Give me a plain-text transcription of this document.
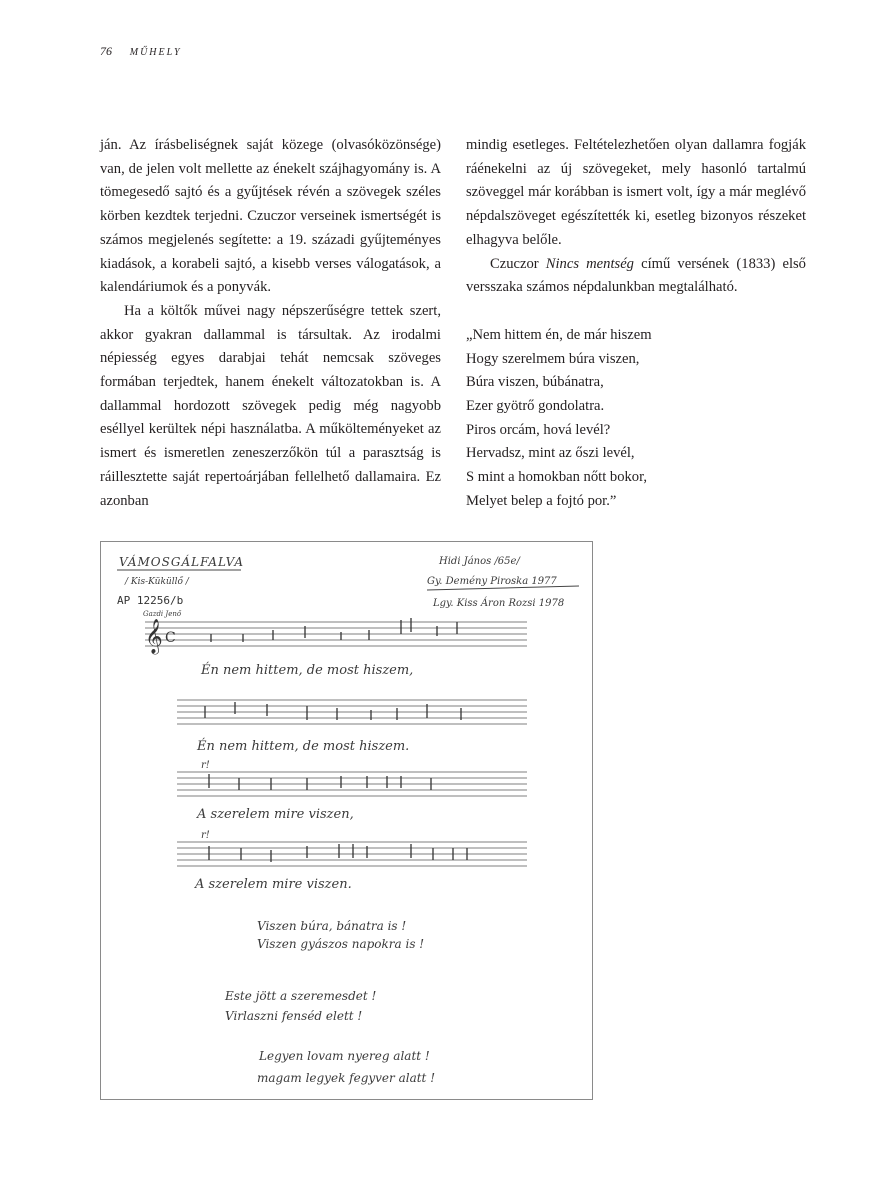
76 MŰHELY

ján. Az írásbeliségnek saját közege (olvasóközönsége) van, de jelen volt mellette az énekelt szájhagyomány is. A tömegesedő sajtó és a gyűjtések révén a szövegek széles körben kezdtek terjedni. Czuczor verseinek ismertségét is számos megjelenés segítette: a 19. századi gyűjteményes kiadások, a korabeli sajtó, a kisebb verses válogatások, a kalendáriumok és a ponyvák.

Ha a költők művei nagy népszerűségre tettek szert, akkor gyakran dallammal is társultak. Az irodalmi népiesség egyes darabjai tehát nemcsak szöveges formában terjedtek, hanem énekelt változatokban is. A dallammal hordozott szövegek pedig még nagyobb eséllyel kerültek népi használatba. A műkölteményeket az ismert és ismeretlen zeneszerzőkön túl a parasztság is ráillesztette saját repertoárjában fellelhető dallamaira. Ez azonban

mindig esetleges. Feltételezhetően olyan dallamra fogják ráénekelni az új szövegeket, mely hasonló tartalmú szöveggel már korábban is ismert volt, így a már meglévő népdalszöveget egészítették ki, esetleg bizonyos részeket elhagyva belőle.

Czuczor Nincs mentség című versének (1833) első versszaka számos népdalunkban megtalálható.

„Nem hittem én, de már hiszem
Hogy szerelmem búra viszen,
Búra viszen, búbánatra,
Ezer gyötrő gondolatra.
Piros orcám, hová levél?
Hervadsz, mint az őszi levél,
S mint a homokban nőtt bokor,
Melyet belep a fojtó por.”

VÁMOSGÁLFALVA
/ Kis-Küküllő /
AP 12256/b
Gazdi Jenő
Hidi János /65e/
Gy. Demény Piroska 1977
Lgy. Kiss Áron Rozsi 1978
𝄞 C
Én nem hittem, de most hiszem,
Én nem hittem, de most hiszem.
r!
A szerelem mire viszen,
r!
A szerelem mire viszen.
Viszen búra, bánatra is !
Viszen gyászos napokra is !
Este jött a szeremesdet !
Virlaszni fenséd elett !
Legyen lovam nyereg alatt !
magam legyek fegyver alatt !
